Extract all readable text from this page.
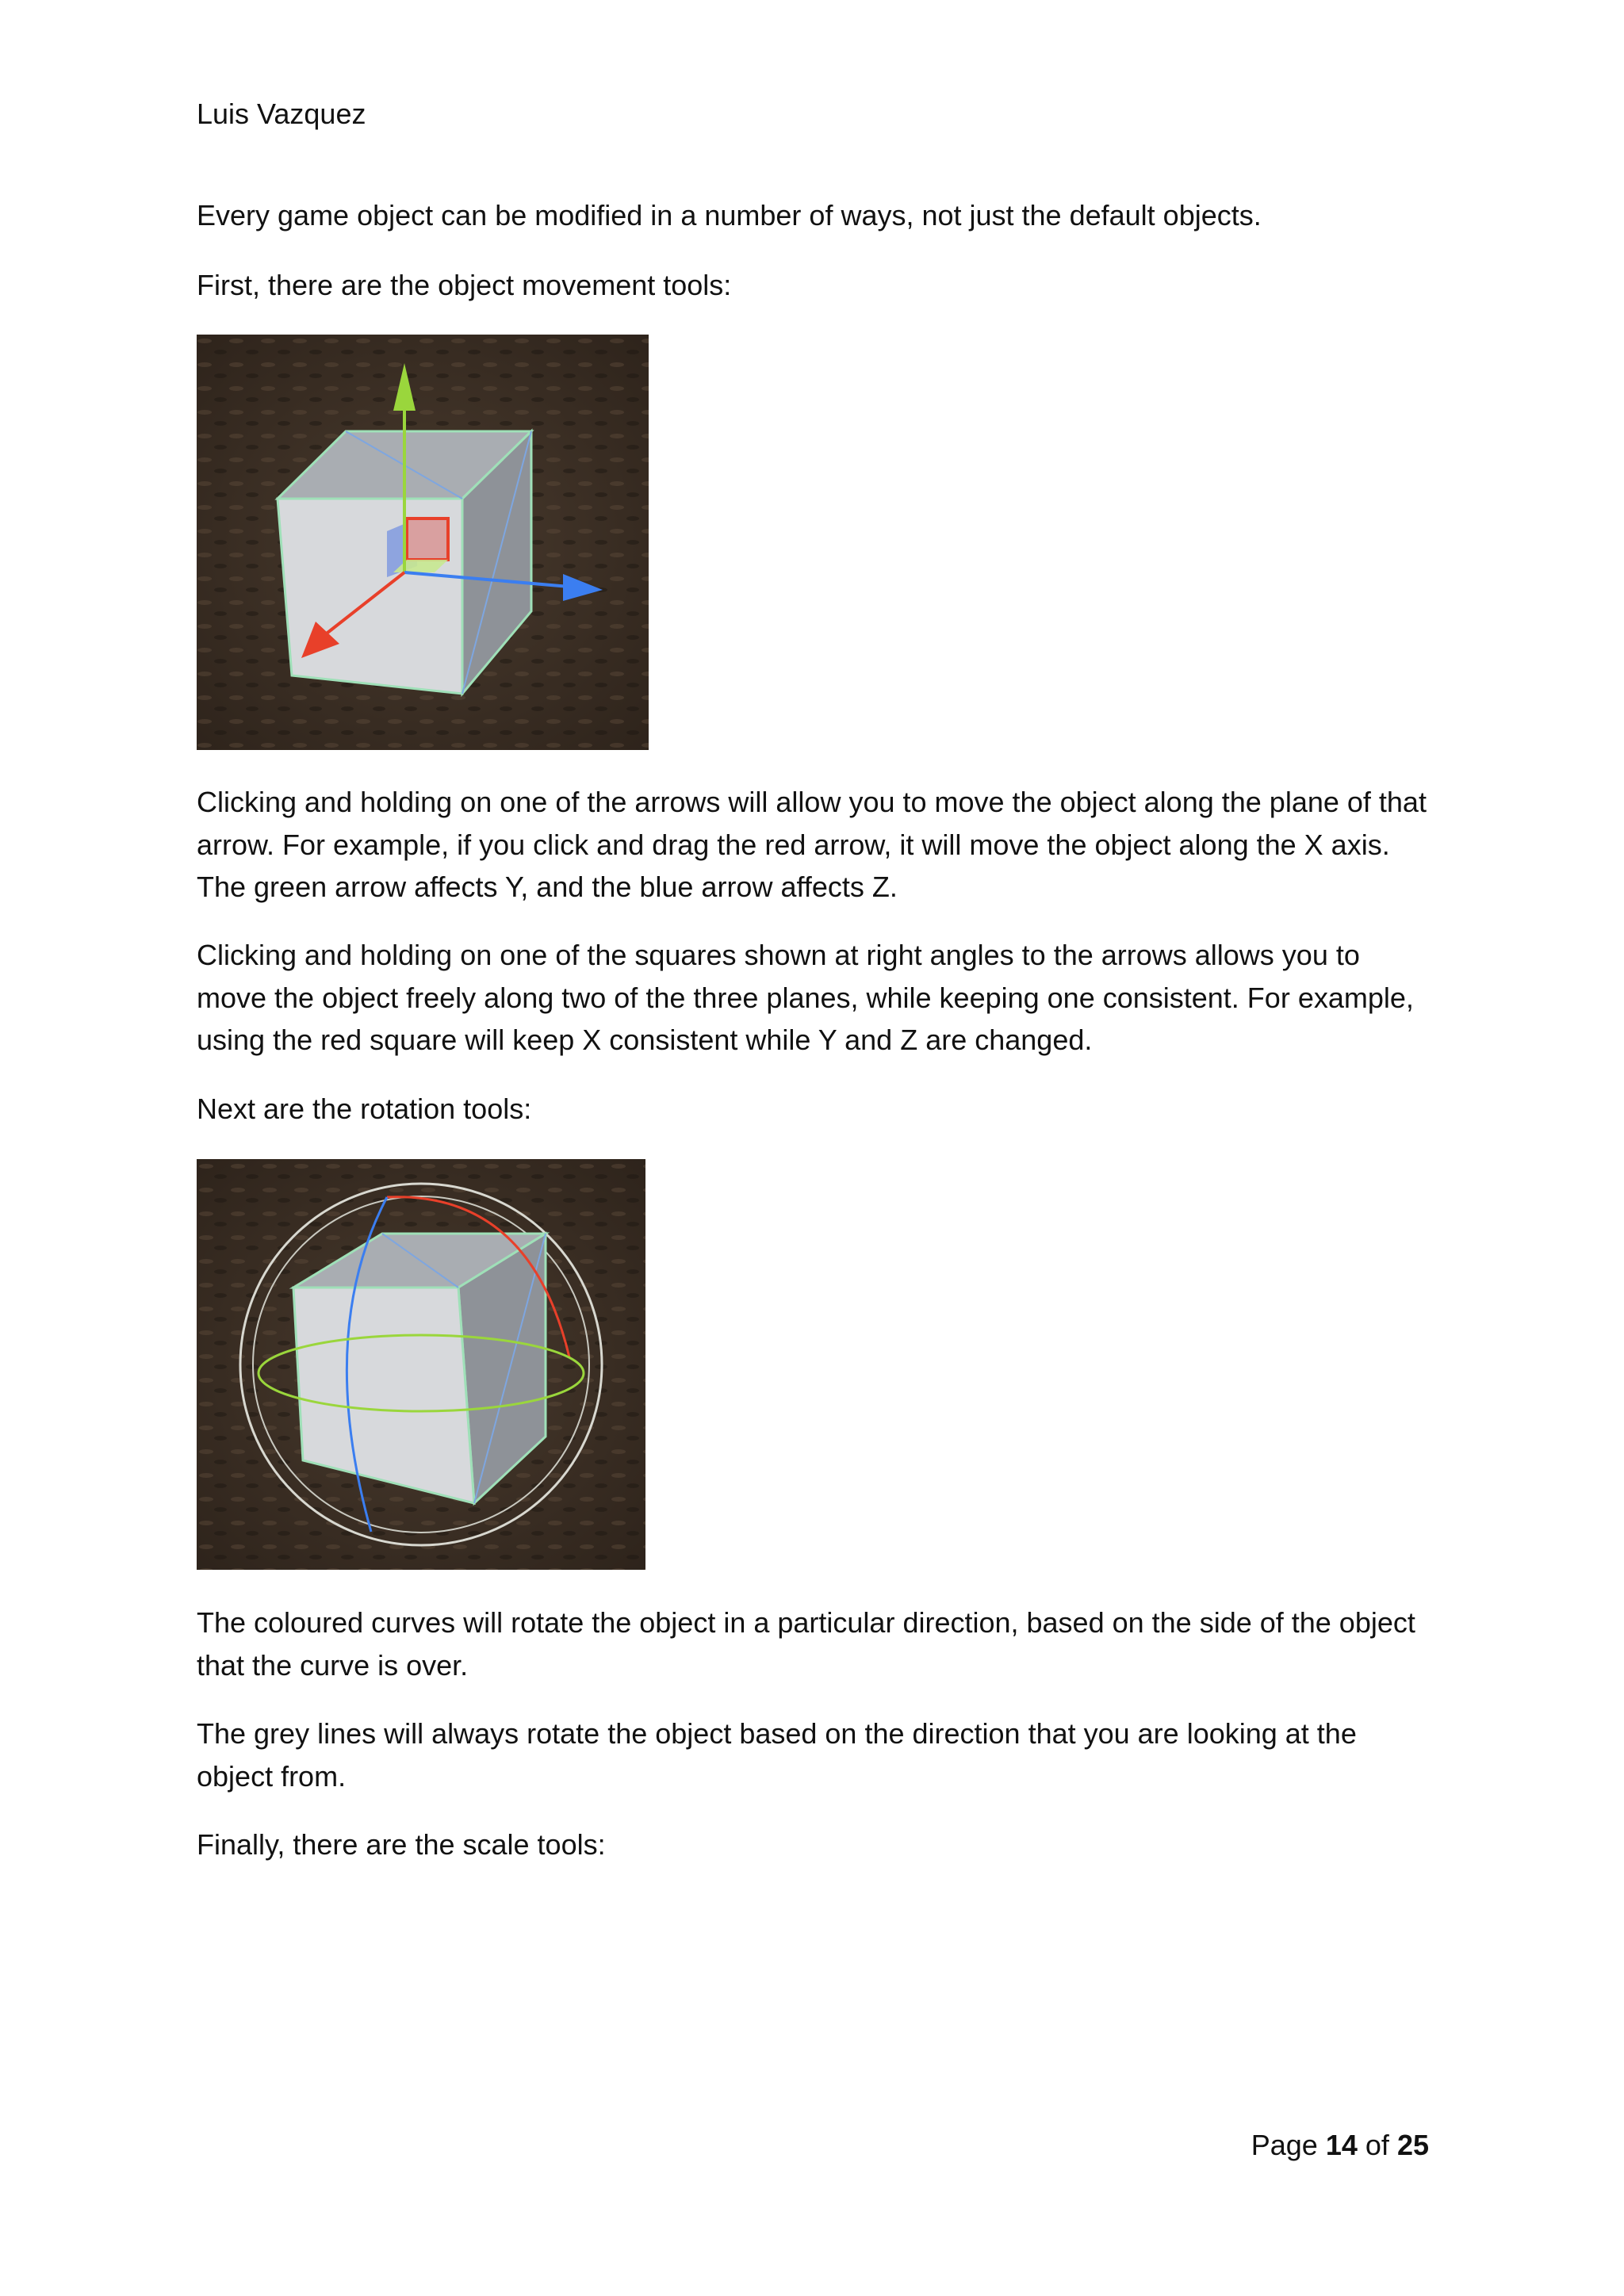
Luis Vazquez

Every game object can be modified in a number of ways, not just the default objects.

First, there are the object movement tools:

Clicking and holding on one of the arrows will allow you to move the object along the plane of that arrow. For example, if you click and drag the red arrow, it will move the object along the X axis. The green arrow affects Y, and the blue arrow affects Z.

Clicking and holding on one of the squares shown at right angles to the arrows allows you to move the object freely along two of the three planes, while keeping one consistent. For example, using the red square will keep X consistent while Y and Z are changed.

Next are the rotation tools:

The coloured curves will rotate the object in a particular direction, based on the side of the object that the curve is over.

The grey lines will always rotate the object based on the direction that you are looking at the object from.

Finally, there are the scale tools:

Page 14 of 25
